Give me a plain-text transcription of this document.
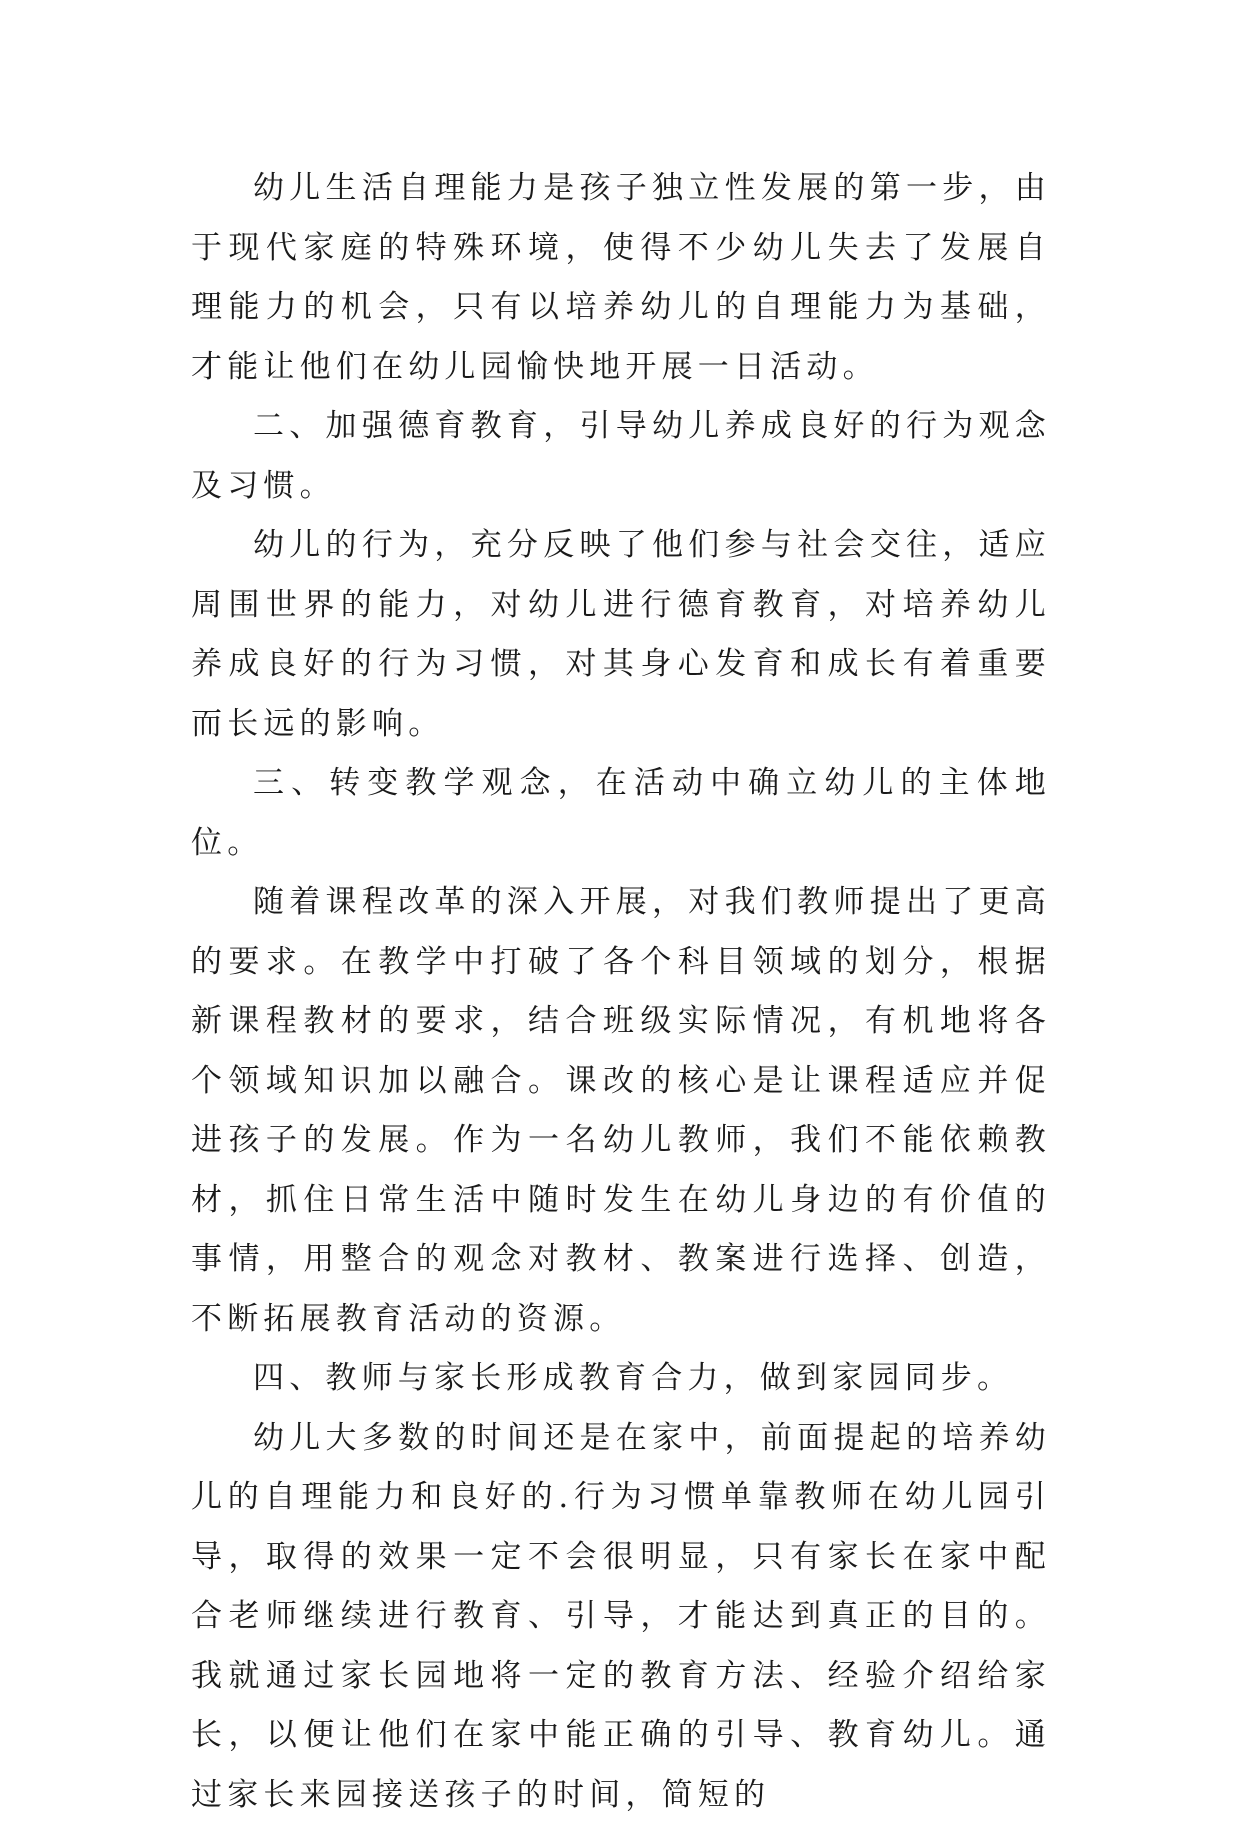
幼儿生活自理能力是孩子独立性发展的第一步，由于现代家庭的特殊环境，使得不少幼儿失去了发展自理能力的机会，只有以培养幼儿的自理能力为基础，才能让他们在幼儿园愉快地开展一日活动。

二、加强德育教育，引导幼儿养成良好的行为观念及习惯。

幼儿的行为，充分反映了他们参与社会交往，适应周围世界的能力，对幼儿进行德育教育，对培养幼儿养成良好的行为习惯，对其身心发育和成长有着重要而长远的影响。

三、转变教学观念，在活动中确立幼儿的主体地位。

随着课程改革的深入开展，对我们教师提出了更高的要求。在教学中打破了各个科目领域的划分，根据新课程教材的要求，结合班级实际情况，有机地将各个领域知识加以融合。课改的核心是让课程适应并促进孩子的发展。作为一名幼儿教师，我们不能依赖教材，抓住日常生活中随时发生在幼儿身边的有价值的事情，用整合的观念对教材、教案进行选择、创造，不断拓展教育活动的资源。

四、教师与家长形成教育合力，做到家园同步。

幼儿大多数的时间还是在家中，前面提起的培养幼儿的自理能力和良好的.行为习惯单靠教师在幼儿园引导，取得的效果一定不会很明显，只有家长在家中配合老师继续进行教育、引导，才能达到真正的目的。我就通过家长园地将一定的教育方法、经验介绍给家长，以便让他们在家中能正确的引导、教育幼儿。通过家长来园接送孩子的时间，简短的
